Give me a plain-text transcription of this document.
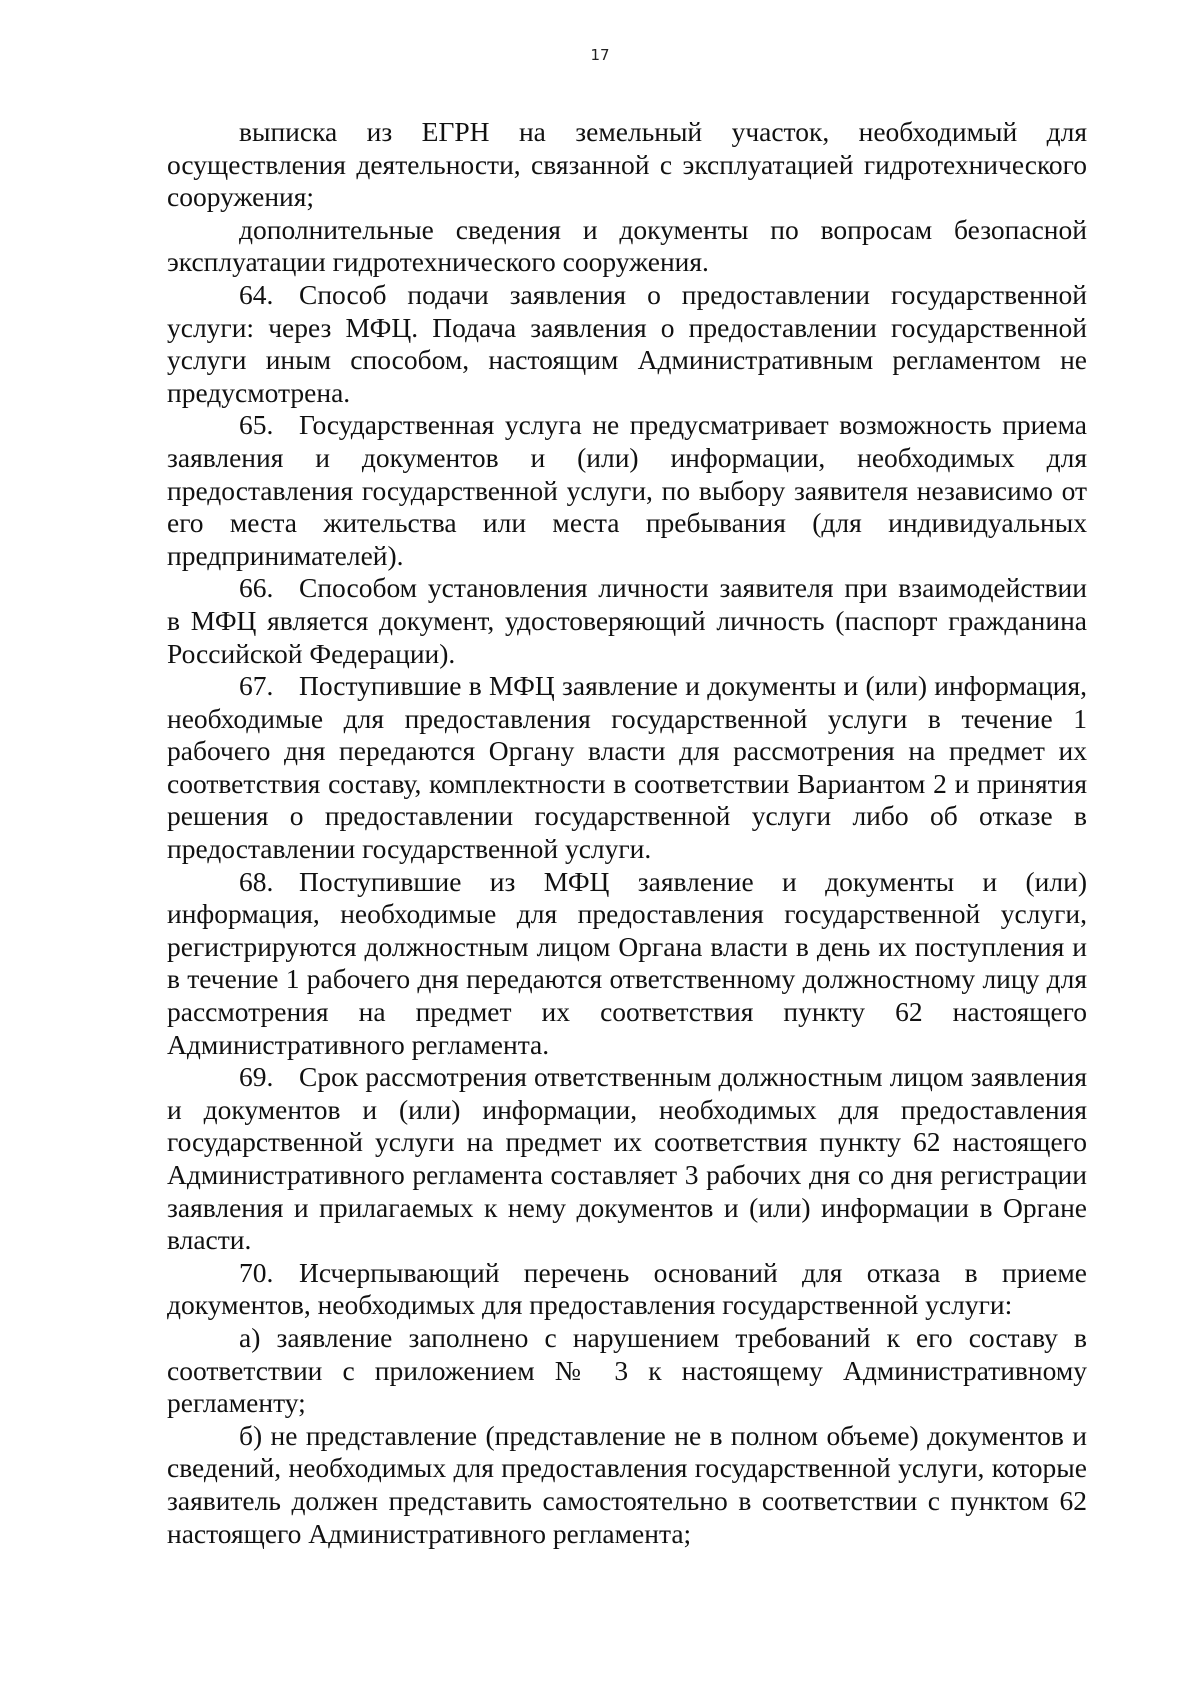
17

выписка из ЕГРН на земельный участок, необходимый для осуществления деятельности, связанной с эксплуатацией гидротехнического сооружения;

дополнительные сведения и документы по вопросам безопасной эксплуатации гидротехнического сооружения.

64. Способ подачи заявления о предоставлении государственной услуги: через МФЦ. Подача заявления о предоставлении государственной услуги иным способом, настоящим Административным регламентом не предусмотрена.

65. Государственная услуга не предусматривает возможность приема заявления и документов и (или) информации, необходимых для предоставления государственной услуги, по выбору заявителя независимо от его места жительства или места пребывания (для индивидуальных предпринимателей).

66. Способом установления личности заявителя при взаимодействии в МФЦ является документ, удостоверяющий личность (паспорт гражданина Российской Федерации).

67. Поступившие в МФЦ заявление и документы и (или) информация, необходимые для предоставления государственной услуги в течение 1 рабочего дня передаются Органу власти для рассмотрения на предмет их соответствия составу, комплектности в соответствии Вариантом 2 и принятия решения о предоставлении государственной услуги либо об отказе в предоставлении государственной услуги.

68. Поступившие из МФЦ заявление и документы и (или) информация, необходимые для предоставления государственной услуги, регистрируются должностным лицом Органа власти в день их поступления и в течение 1 рабочего дня передаются ответственному должностному лицу для рассмотрения на предмет их соответствия пункту 62 настоящего Административного регламента.

69. Срок рассмотрения ответственным должностным лицом заявления и документов и (или) информации, необходимых для предоставления государственной услуги на предмет их соответствия пункту 62 настоящего Административного регламента составляет 3 рабочих дня со дня регистрации заявления и прилагаемых к нему документов и (или) информации в Органе власти.

70. Исчерпывающий перечень оснований для отказа в приеме документов, необходимых для предоставления государственной услуги:

а) заявление заполнено с нарушением требований к его составу в соответствии с приложением № 3 к настоящему Административному регламенту;

б) не представление (представление не в полном объеме) документов и сведений, необходимых для предоставления государственной услуги, которые заявитель должен представить самостоятельно в соответствии с пунктом 62 настоящего Административного регламента;
